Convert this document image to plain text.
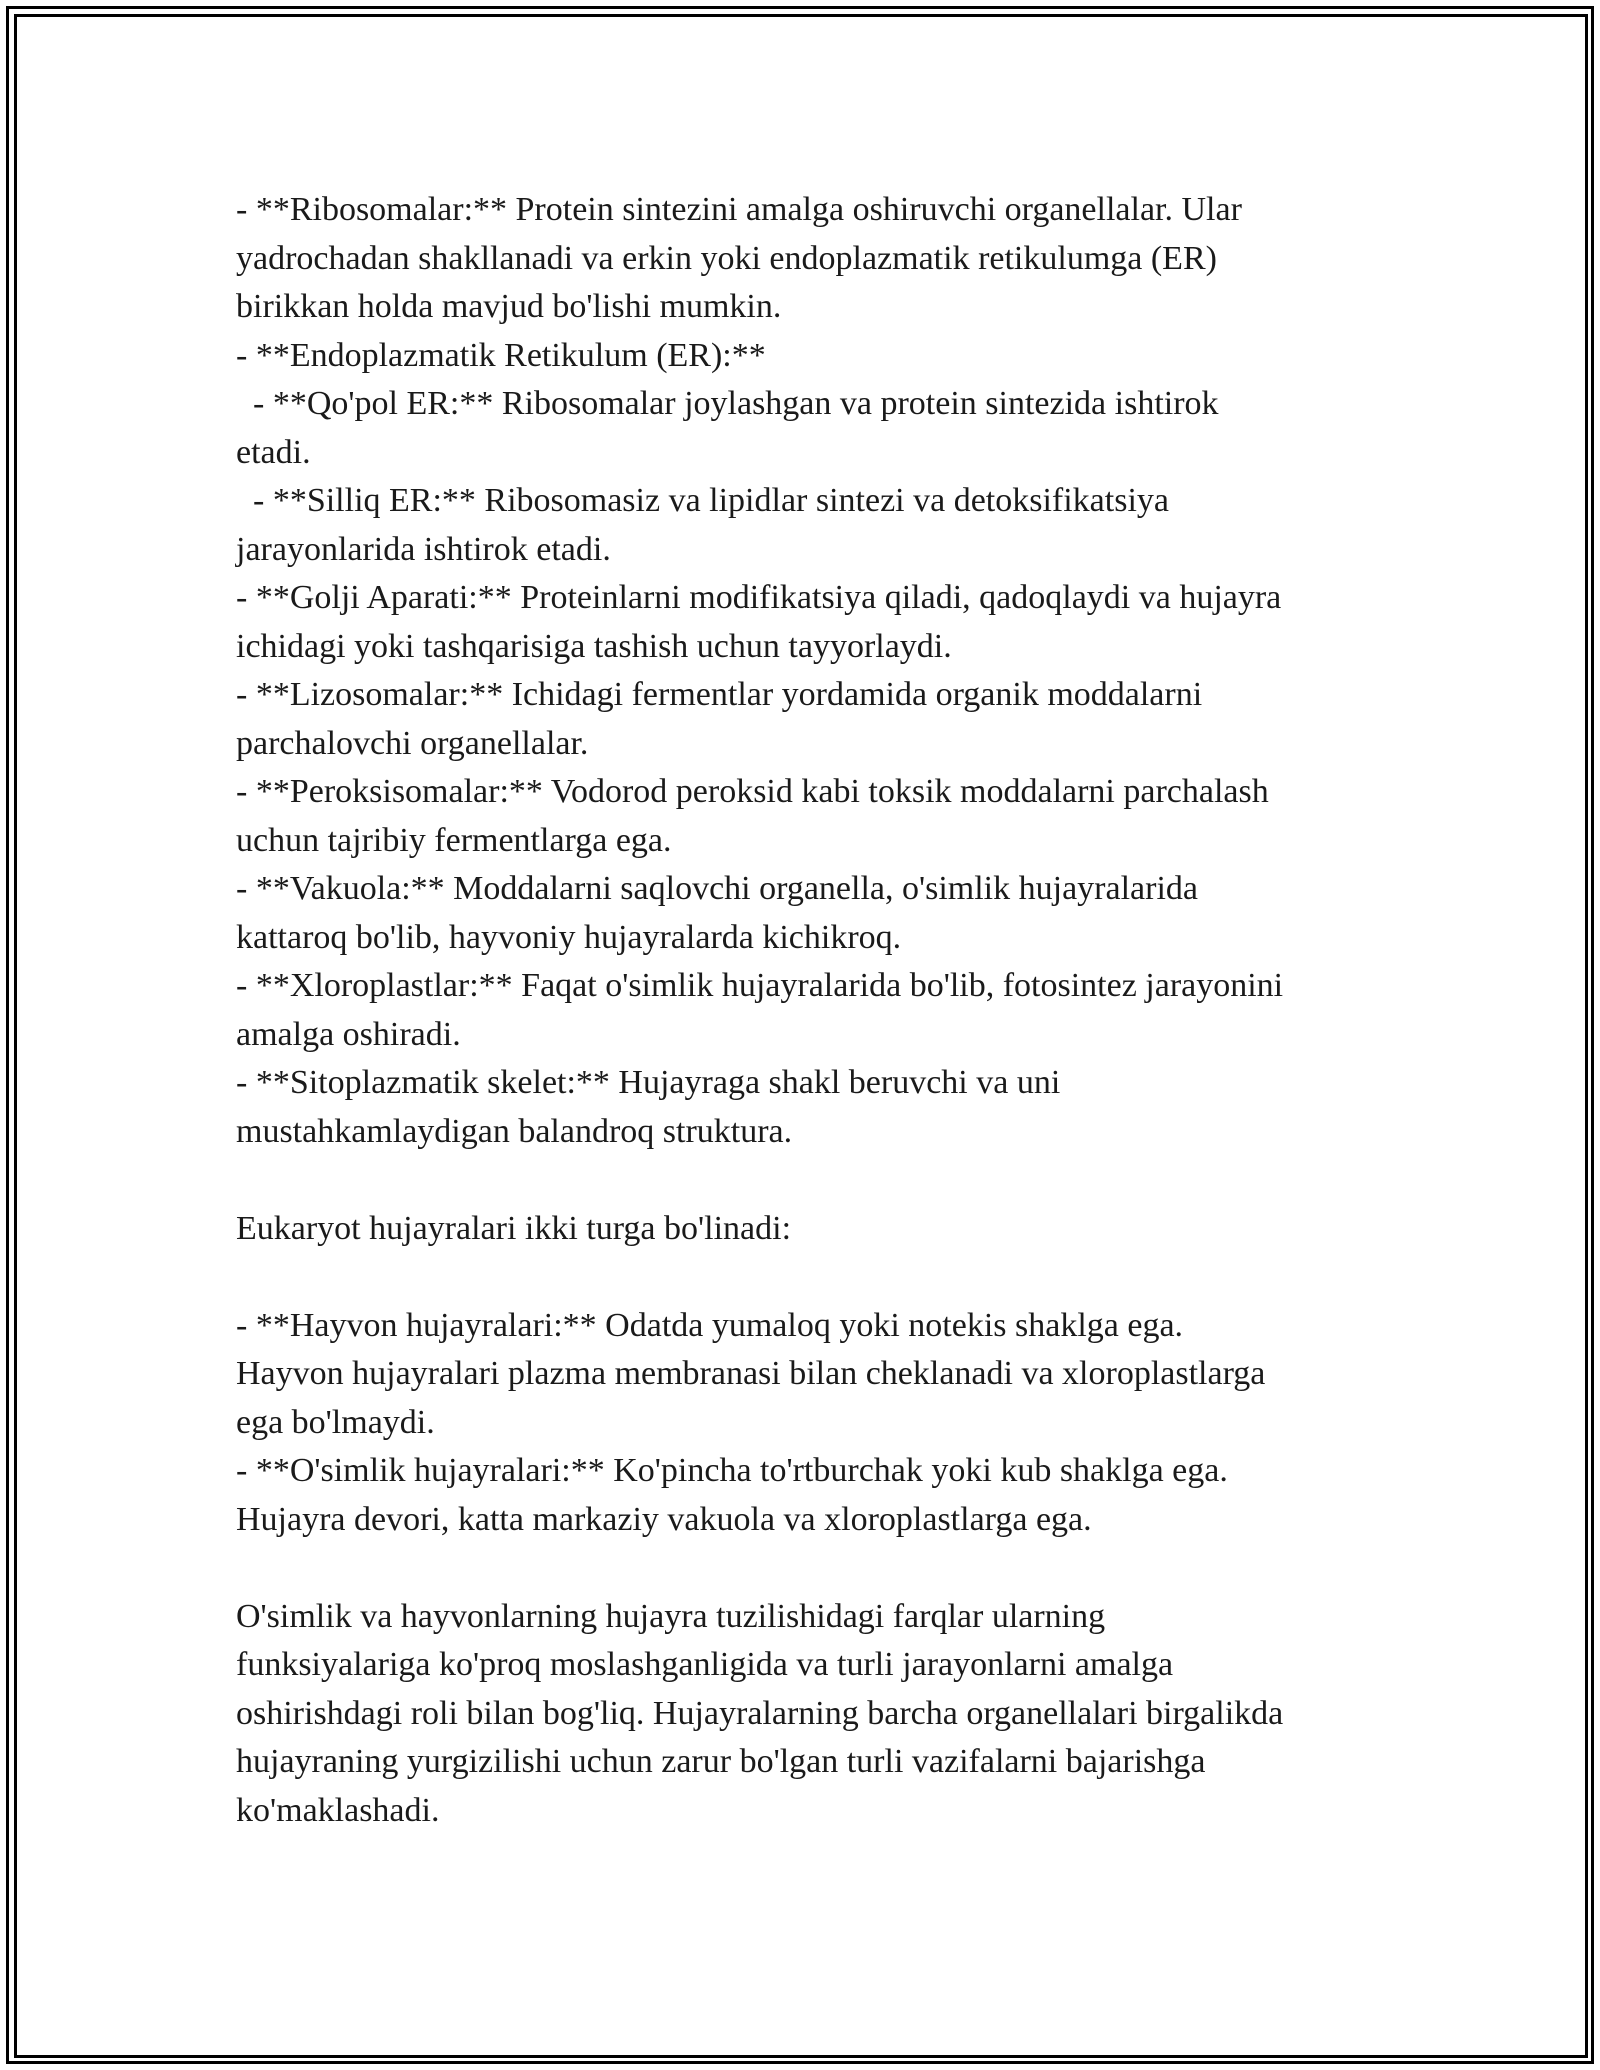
- **Ribosomalar:** Protein sintezini amalga oshiruvchi organellalar. Ular
yadrochadan shakllanadi va erkin yoki endoplazmatik retikulumga (ER)
birikkan holda mavjud bo'lishi mumkin.
- **Endoplazmatik Retikulum (ER):**
- **Qo'pol ER:** Ribosomalar joylashgan va protein sintezida ishtirok
etadi.
- **Silliq ER:** Ribosomasiz va lipidlar sintezi va detoksifikatsiya
jarayonlarida ishtirok etadi.
- **Golji Aparati:** Proteinlarni modifikatsiya qiladi, qadoqlaydi va hujayra
ichidagi yoki tashqarisiga tashish uchun tayyorlaydi.
- **Lizosomalar:** Ichidagi fermentlar yordamida organik moddalarni
parchalovchi organellalar.
- **Peroksisomalar:** Vodorod peroksid kabi toksik moddalarni parchalash
uchun tajribiy fermentlarga ega.
- **Vakuola:** Moddalarni saqlovchi organella, o'simlik hujayralarida
kattaroq bo'lib, hayvoniy hujayralarda kichikroq.
- **Xloroplastlar:** Faqat o'simlik hujayralarida bo'lib, fotosintez jarayonini
amalga oshiradi.
- **Sitoplazmatik skelet:** Hujayraga shakl beruvchi va uni
mustahkamlaydigan balandroq struktura.
Eukaryot hujayralari ikki turga bo'linadi:
- **Hayvon hujayralari:** Odatda yumaloq yoki notekis shaklga ega.
Hayvon hujayralari plazma membranasi bilan cheklanadi va xloroplastlarga
ega bo'lmaydi.
- **O'simlik hujayralari:** Ko'pincha to'rtburchak yoki kub shaklga ega.
Hujayra devori, katta markaziy vakuola va xloroplastlarga ega.
O'simlik va hayvonlarning hujayra tuzilishidagi farqlar ularning
funksiyalariga ko'proq moslashganligida va turli jarayonlarni amalga
oshirishdagi roli bilan bog'liq. Hujayralarning barcha organellalari birgalikda
hujayraning yurgizilishi uchun zarur bo'lgan turli vazifalarni bajarishga
ko'maklashadi.
